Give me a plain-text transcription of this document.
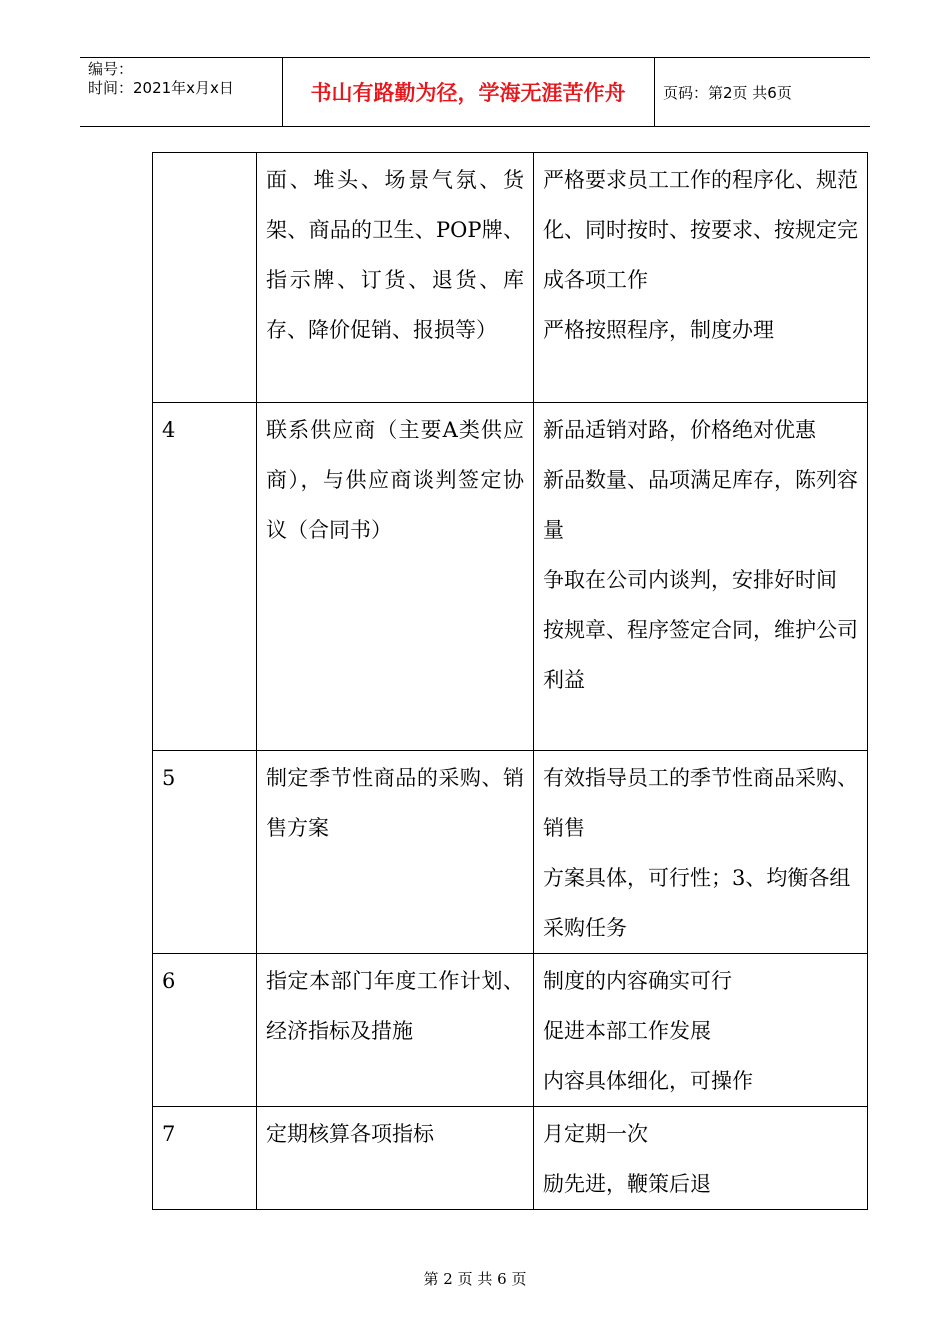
编号：
时间：2021年x月x日	书山有路勤为径，学海无涯苦作舟	页码：第2页 共6页
	面、堆头、场景气氛、货架、商品的卫生、POP牌、指示牌、订货、退货、库存、降价促销、报损等）	严格要求员工工作的程序化、规范化、同时按时、按要求、按规定完成各项工作
严格按照程序，制度办理

4	联系供应商（主要A类供应商），与供应商谈判签定协议（合同书）	新品适销对路，价格绝对优惠
新品数量、品项满足库存，陈列容量
争取在公司内谈判，安排好时间
按规章、程序签定合同，维护公司利益

5	制定季节性商品的采购、销售方案	有效指导员工的季节性商品采购、销售
方案具体，可行性；3、均衡各组采购任务

6	指定本部门年度工作计划、经济指标及措施	制度的内容确实可行
促进本部工作发展
内容具体细化，可操作

7	定期核算各项指标	月定期一次
励先进，鞭策后退
第 2 页 共 6 页
